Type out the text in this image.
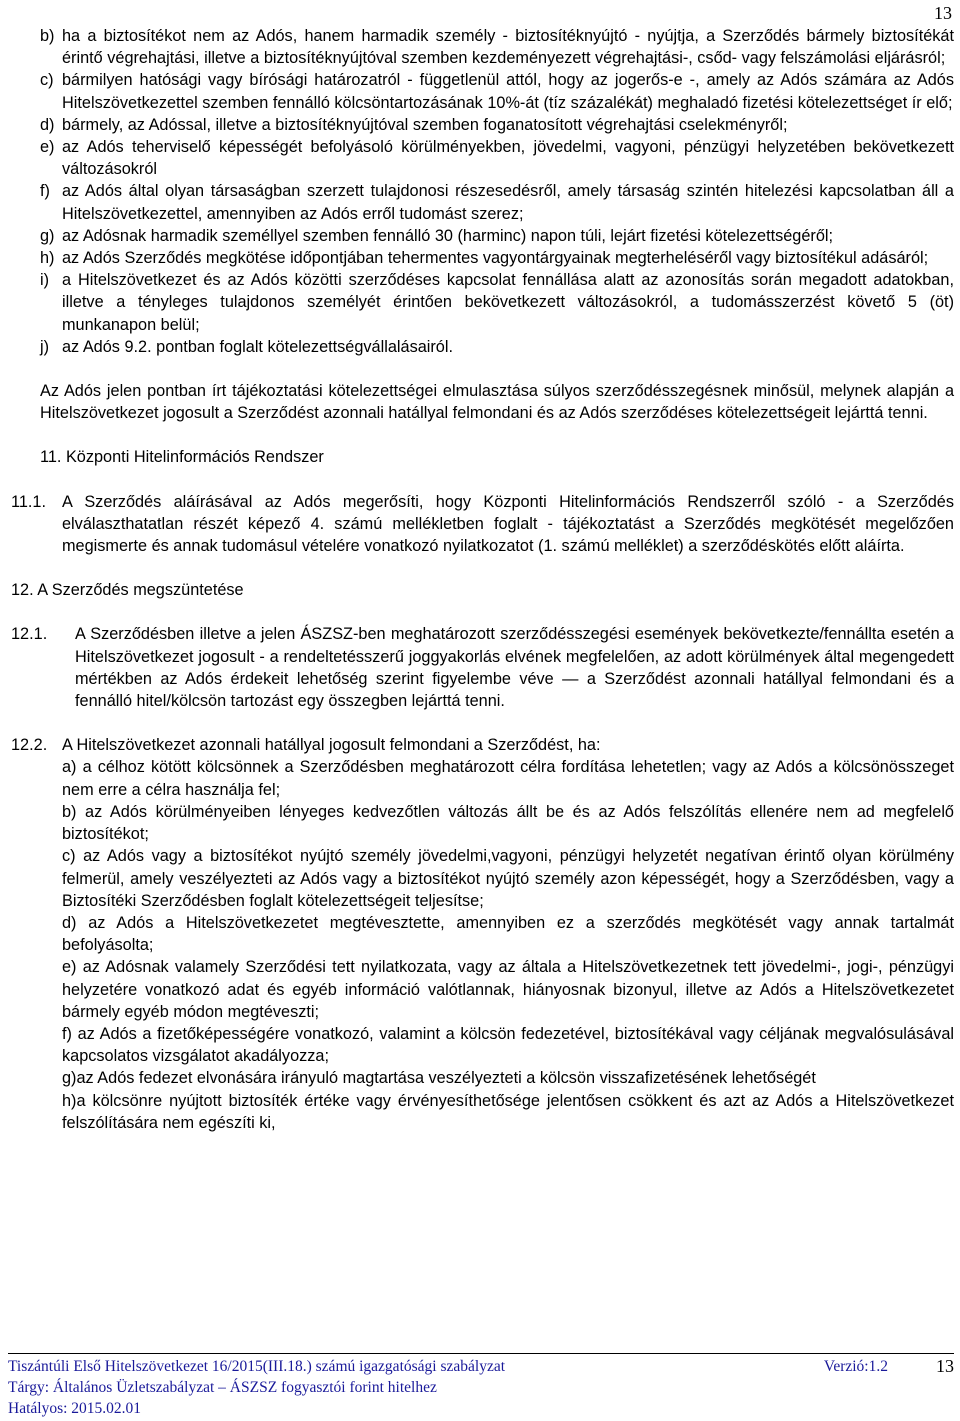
13
b) ha a biztosítékot nem az Adós, hanem harmadik személy - biztosítéknyújtó - nyújtja, a Szerződés bármely biztosítékát érintő végrehajtási, illetve a biztosítéknyújtóval szemben kezdeményezett végrehajtási-, csőd- vagy felszámolási eljárásról;
c) bármilyen hatósági vagy bírósági határozatról - függetlenül attól, hogy az jogerős-e -, amely az Adós számára az Adós Hitelszövetkezettel szemben fennálló kölcsöntartozásának 10%-át (tíz százalékát) meghaladó fizetési kötelezettséget ír elő;
d) bármely, az Adóssal, illetve a biztosítéknyújtóval szemben foganatosított végrehajtási cselekményről;
e) az Adós teherviselő képességét befolyásoló körülményekben, jövedelmi, vagyoni, pénzügyi helyzetében bekövetkezett változásokról
f) az Adós által olyan társaságban szerzett tulajdonosi részesedésről, amely társaság szintén hitelezési kapcsolatban áll a Hitelszövetkezettel, amennyiben az Adós erről tudomást szerez;
g) az Adósnak harmadik személlyel szemben fennálló 30 (harminc) napon túli, lejárt fizetési kötelezettségéről;
h) az Adós Szerződés megkötése időpontjában tehermentes vagyontárgyainak megterheléséről vagy biztosítékul adásáról;
i) a Hitelszövetkezet és az Adós közötti szerződéses kapcsolat fennállása alatt az azonosítás során megadott adatokban, illetve a tényleges tulajdonos személyét érintően bekövetkezett változásokról, a tudomásszerzést követő 5 (öt) munkanapon belül;
j) az Adós 9.2. pontban foglalt kötelezettségvállalásairól.

Az Adós jelen pontban írt tájékoztatási kötelezettségei elmulasztása súlyos szerződésszegésnek minősül, melynek alapján a Hitelszövetkezet jogosult a Szerződést azonnali hatállyal felmondani és az Adós szerződéses kötelezettségeit lejárttá tenni.

11. Központi Hitelinformációs Rendszer

11.1. A Szerződés aláírásával az Adós megerősíti, hogy Központi Hitelinformációs Rendszerről szóló - a Szerződés elválaszthatatlan részét képező 4. számú mellékletben foglalt - tájékoztatást a Szerződés megkötését megelőzően megismerte és annak tudomásul vételére vonatkozó nyilatkozatot (1. számú melléklet) a szerződéskötés előtt aláírta.

12. A Szerződés megszüntetése

12.1.	A Szerződésben illetve a jelen ÁSZSZ-ben meghatározott szerződésszegési események bekövetkezte/fennállta esetén a Hitelszövetkezet jogosult - a rendeltetésszerű joggyakorlás elvének megfelelően, az adott körülmények által megengedett mértékben az Adós érdekeit lehetőség szerint figyelembe véve — a Szerződést azonnali hatállyal felmondani és a fennálló hitel/kölcsön tartozást egy összegben lejárttá tenni.
12.2. A Hitelszövetkezet azonnali hatállyal jogosult felmondani a Szerződést, ha:
a) a célhoz kötött kölcsönnek a Szerződésben meghatározott célra fordítása lehetetlen; vagy az Adós a kölcsönösszeget nem erre a célra használja fel;
b) az Adós körülményeiben lényeges kedvezőtlen változás állt be és az Adós felszólítás ellenére nem ad megfelelő biztosítékot;
c) az Adós vagy a biztosítékot nyújtó személy jövedelmi,vagyoni, pénzügyi helyzetét negatívan érintő olyan körülmény felmerül, amely veszélyezteti az Adós vagy a biztosítékot nyújtó személy azon képességét, hogy a Szerződésben, vagy a Biztosítéki Szerződésben foglalt kötelezettségeit teljesítse;
d) az Adós a Hitelszövetkezetet megtévesztette, amennyiben ez a szerződés megkötését vagy annak tartalmát befolyásolta;
e) az Adósnak valamely Szerződési tett nyilatkozata, vagy az általa a Hitelszövetkezetnek tett jövedelmi-, jogi-, pénzügyi helyzetére vonatkozó adat és egyéb információ valótlannak, hiányosnak bizonyul, illetve az Adós a Hitelszövetkezetet bármely egyéb módon megtéveszti;
f) az Adós a fizetőképességére vonatkozó, valamint a kölcsön fedezetével, biztosítékával vagy céljának megvalósulásával kapcsolatos vizsgálatot akadályozza;
g)az Adós fedezet elvonására irányuló magtartása veszélyezteti a kölcsön visszafizetésének lehetőségét
h)a kölcsönre nyújtott biztosíték értéke vagy érvényesíthetősége jelentősen csökkent és azt az Adós a Hitelszövetkezet felszólítására nem egészíti ki,
Tiszántúli Első Hitelszövetkezet 16/2015(III.18.) számú igazgatósági szabályzat	Verzió:1.2	13
Tárgy: Általános Üzletszabályzat – ÁSZSZ fogyasztói forint hitelhez
Hatályos: 2015.02.01
